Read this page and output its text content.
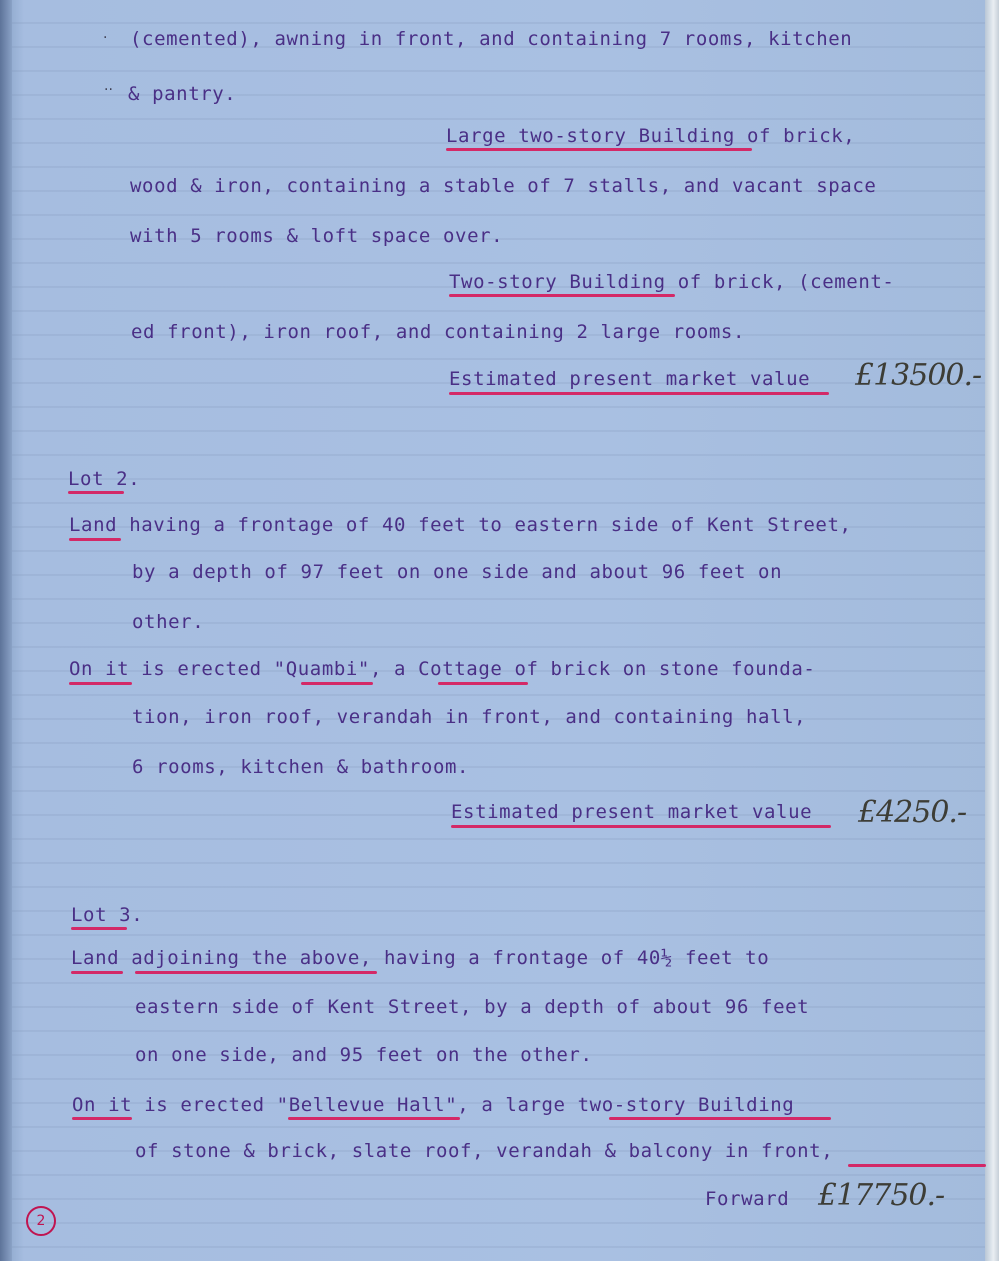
·
··
(cemented), awning in front, and containing 7 rooms, kitchen
& pantry.
Large two-story Building of brick,
wood & iron, containing a stable of 7 stalls, and vacant space
with 5 rooms & loft space over.
Two-story Building of brick, (cement-
ed front), iron roof, and containing 2 large rooms.
Estimated present market value
Lot 2.
Land having a frontage of 40 feet to eastern side of Kent Street,
by a depth of 97 feet on one side and about 96 feet on
other.
On it is erected "Quambi", a Cottage of brick on stone founda-
tion, iron roof, verandah in front, and containing hall,
6 rooms, kitchen & bathroom.
Estimated present market value
Lot 3.
Land adjoining the above, having a frontage of 40½ feet to
eastern side of Kent Street, by a depth of about 96 feet
on one side, and 95 feet on the other.
On it is erected "Bellevue Hall", a large two-story Building
of stone & brick, slate roof, verandah & balcony in front,
Forward
£13500.-
£4250.-
£17750.-
2
